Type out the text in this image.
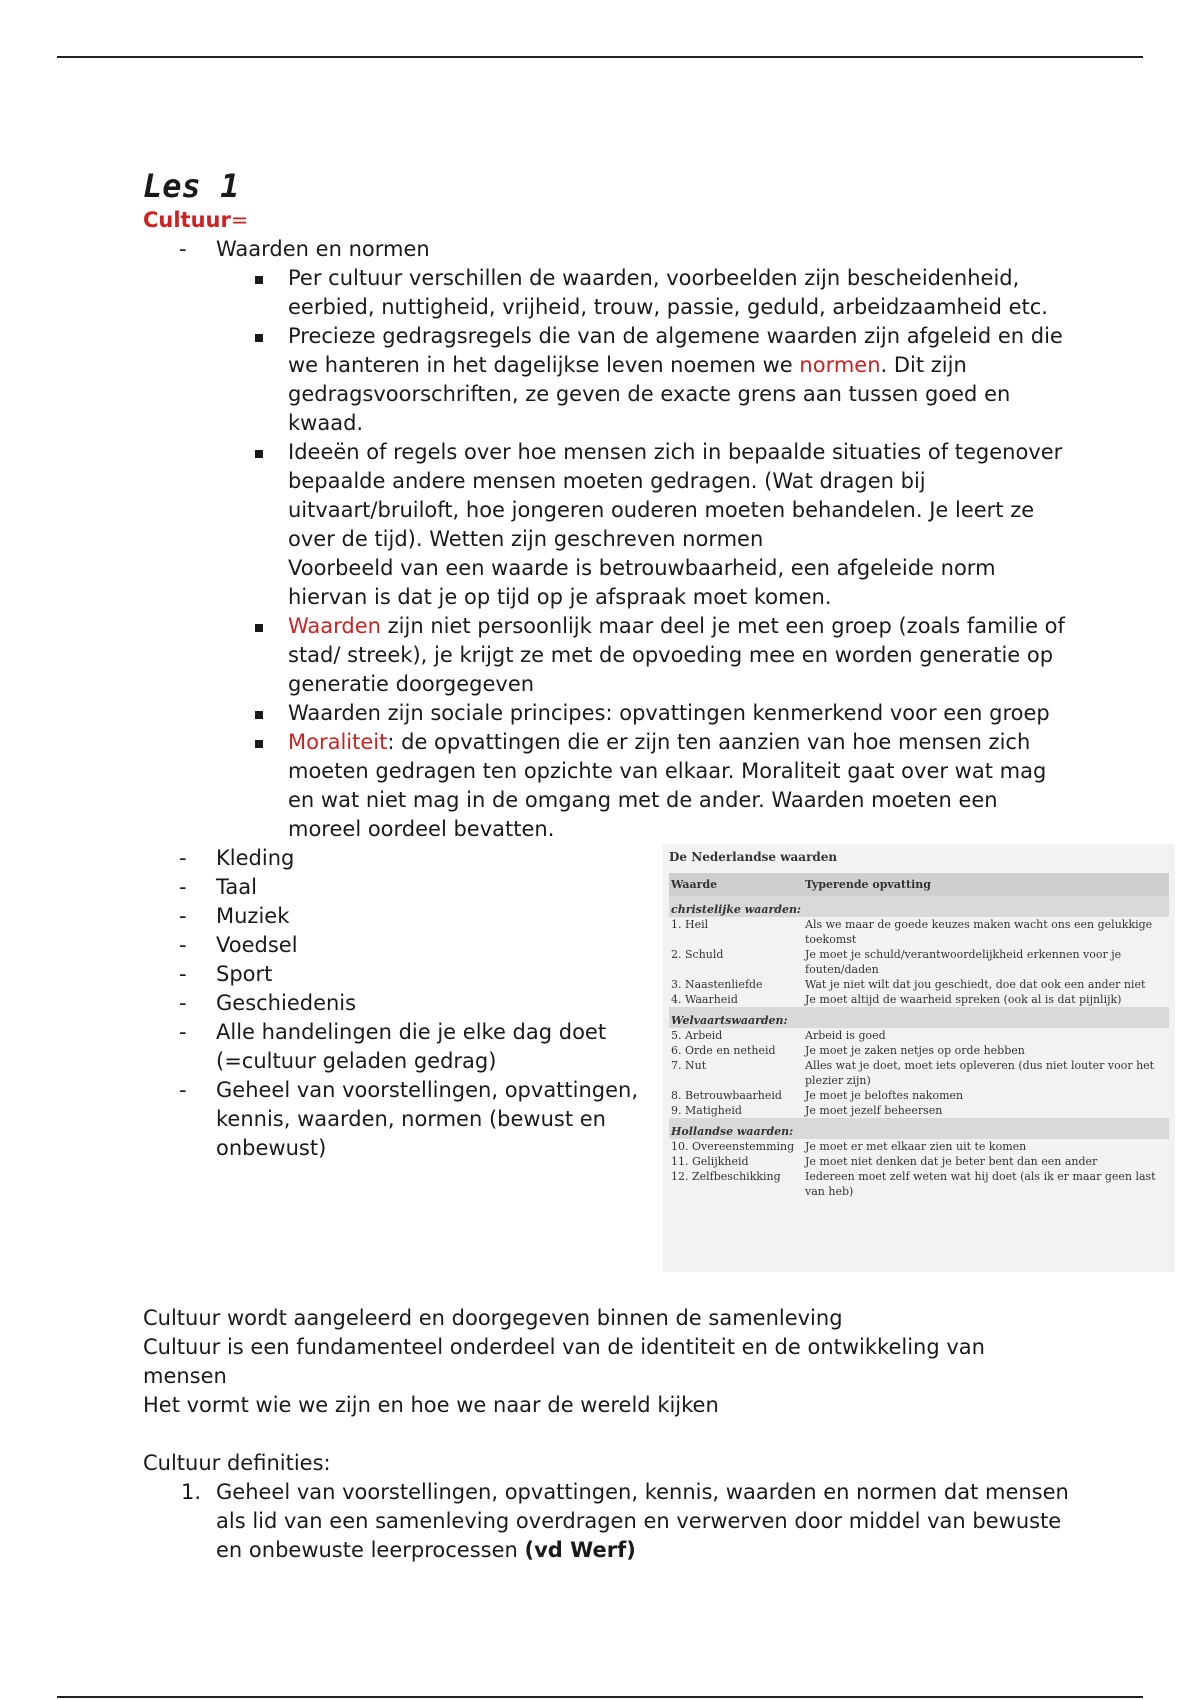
Les 1
Cultuur=
- Waarden en normen
Per cultuur verschillen de waarden, voorbeelden zijn bescheidenheid, eerbied, nuttigheid, vrijheid, trouw, passie, geduld, arbeidzaamheid etc.
Precieze gedragsregels die van de algemene waarden zijn afgeleid en die we hanteren in het dagelijkse leven noemen we normen. Dit zijn gedragsvoorschriften, ze geven de exacte grens aan tussen goed en kwaad.
Ideeën of regels over hoe mensen zich in bepaalde situaties of tegenover bepaalde andere mensen moeten gedragen. (Wat dragen bij uitvaart/bruiloft, hoe jongeren ouderen moeten behandelen. Je leert ze over de tijd). Wetten zijn geschreven normen
Voorbeeld van een waarde is betrouwbaarheid, een afgeleide norm hiervan is dat je op tijd op je afspraak moet komen.
Waarden zijn niet persoonlijk maar deel je met een groep (zoals familie of stad/ streek), je krijgt ze met de opvoeding mee en worden generatie op generatie doorgegeven
Waarden zijn sociale principes: opvattingen kenmerkend voor een groep
Moraliteit: de opvattingen die er zijn ten aanzien van hoe mensen zich moeten gedragen ten opzichte van elkaar. Moraliteit gaat over wat mag en wat niet mag in de omgang met de ander. Waarden moeten een moreel oordeel bevatten.
- Kleding
- Taal
- Muziek
- Voedsel
- Sport
- Geschiedenis
- Alle handelingen die je elke dag doet (=cultuur geladen gedrag)
- Geheel van voorstellingen, opvattingen, kennis, waarden, normen (bewust en onbewust)
De Nederlandse waarden
Waarde	Typerende opvatting
christelijke waarden:	
1. Heil	Als we maar de goede keuzes maken wacht ons een gelukkige toekomst
2. Schuld	Je moet je schuld/verantwoordelijkheid erkennen voor je fouten/daden
3. Naastenliefde	Wat je niet wilt dat jou geschiedt, doe dat ook een ander niet
4. Waarheid	Je moet altijd de waarheid spreken (ook al is dat pijnlijk)
Welvaartswaarden:	
5. Arbeid	Arbeid is goed
6. Orde en netheid	Je moet je zaken netjes op orde hebben
7. Nut	Alles wat je doet, moet iets opleveren (dus niet louter voor het plezier zijn)
8. Betrouwbaarheid	Je moet je beloftes nakomen
9. Matigheid	Je moet jezelf beheersen
Hollandse waarden:	
10. Overeenstemming	Je moet er met elkaar zien uit te komen
11. Gelijkheid	Je moet niet denken dat je beter bent dan een ander
12. Zelfbeschikking	Iedereen moet zelf weten wat hij doet (als ik er maar geen last van heb)
Cultuur wordt aangeleerd en doorgegeven binnen de samenleving
Cultuur is een fundamenteel onderdeel van de identiteit en de ontwikkeling van mensen
Het vormt wie we zijn en hoe we naar de wereld kijken
Cultuur definities:
1. Geheel van voorstellingen, opvattingen, kennis, waarden en normen dat mensen als lid van een samenleving overdragen en verwerven door middel van bewuste en onbewuste leerprocessen (vd Werf)
